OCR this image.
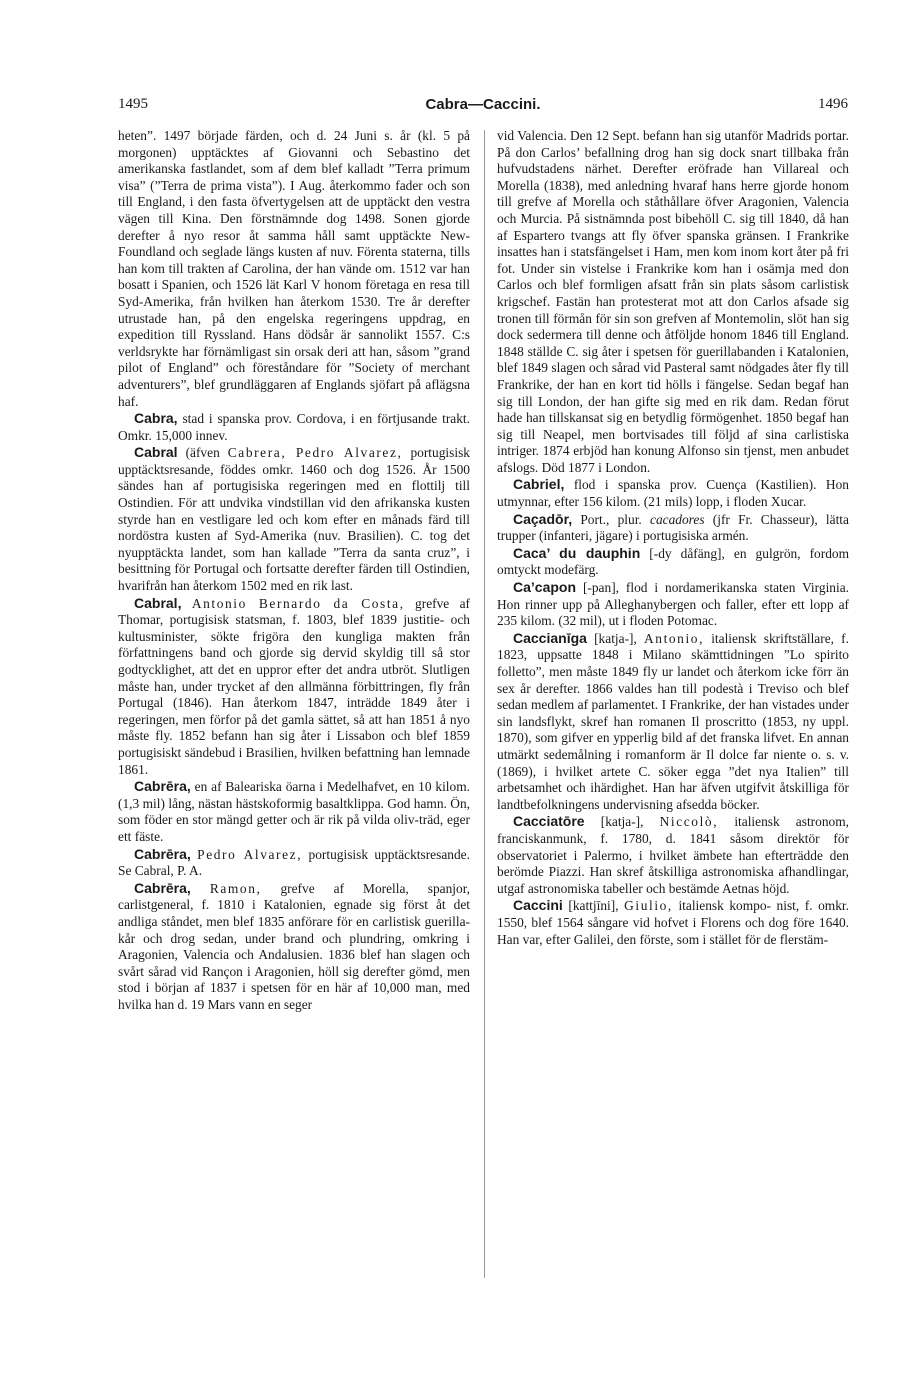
1495	Cabra—Caccini.	1496

heten”. 1497 började färden, och d. 24 Juni s. år (kl. 5 på morgonen) upptäcktes af Giovanni och Sebastino det amerikanska fastlandet, som af dem blef kalladt ”Terra primum visa” (”Terra de prima vista”). I Aug. återkommo fader och son till England, i den fasta öfvertygelsen att de upptäckt den vestra vägen till Kina. Den förstnämnde dog 1498. Sonen gjorde derefter å nyo resor åt samma håll samt upptäckte New-Foundland och seglade längs kusten af nuv. Förenta staterna, tills han kom till trakten af Carolina, der han vände om. 1512 var han bosatt i Spanien, och 1526 lät Karl V honom företaga en resa till Syd-Amerika, från hvilken han återkom 1530. Tre år derefter utrustade han, på den engelska regeringens uppdrag, en expedition till Ryssland. Hans dödsår är sannolikt 1557. C:s verldsrykte har förnämligast sin orsak deri att han, såsom ”grand pilot of England” och föreståndare för ”Society of merchant adventurers”, blef grundläggaren af Englands sjöfart på aflägsna haf.

Cabra, stad i spanska prov. Cordova, i en förtjusande trakt. Omkr. 15,000 innev.

Cabral (äfven Cabrera, Pedro Alvarez, portugisisk upptäcktsresande, föddes omkr. 1460 och dog 1526. År 1500 sändes han af portugisiska regeringen med en flottilj till Ostindien. För att undvika vindstillan vid den afrikanska kusten styrde han en vestligare led och kom efter en månads färd till nordöstra kusten af Syd-Amerika (nuv. Brasilien). C. tog det nyupptäckta landet, som han kallade ”Terra da santa cruz”, i besittning för Portugal och fortsatte derefter färden till Ostindien, hvarifrån han återkom 1502 med en rik last.

Cabral, Antonio Bernardo da Costa, grefve af Thomar, portugisisk statsman, f. 1803, blef 1839 justitie- och kultusminister, sökte frigöra den kungliga makten från författningens band och gjorde sig dervid skyldig till så stor godtycklighet, att det en uppror efter det andra utbröt. Slutligen måste han, under trycket af den allmänna förbittringen, fly från Portugal (1846). Han återkom 1847, inträdde 1849 åter i regeringen, men förfor på det gamla sättet, så att han 1851 å nyo måste fly. 1852 befann han sig åter i Lissabon och blef 1859 portugisiskt sändebud i Brasilien, hvilken befattning han lemnade 1861.

Cabrēra, en af Baleariska öarna i Medelhafvet, en 10 kilom. (1,3 mil) lång, nästan hästskoformig basaltklippa. God hamn. Ön, som föder en stor mängd getter och är rik på vilda oliv-träd, eger ett fäste.

Cabrēra, Pedro Alvarez, portugisisk upptäcktsresande. Se Cabral, P. A.

Cabrēra, Ramon, grefve af Morella, spanjor, carlistgeneral, f. 1810 i Katalonien, egnade sig först åt det andliga ståndet, men blef 1835 anförare för en carlistisk guerilla-kår och drog sedan, under brand och plundring, omkring i Aragonien, Valencia och Andalusien. 1836 blef han slagen och svårt sårad vid Rançon i Aragonien, höll sig derefter gömd, men stod i början af 1837 i spetsen för en här af 10,000 man, med hvilka han d. 19 Mars vann en seger

vid Valencia. Den 12 Sept. befann han sig utanför Madrids portar. På don Carlos’ befallning drog han sig dock snart tillbaka från hufvudstadens närhet. Derefter eröfrade han Villareal och Morella (1838), med anledning hvaraf hans herre gjorde honom till grefve af Morella och ståthållare öfver Aragonien, Valencia och Murcia. På sistnämnda post bibehöll C. sig till 1840, då han af Espartero tvangs att fly öfver spanska gränsen. I Frankrike insattes han i statsfängelset i Ham, men kom inom kort åter på fri fot. Under sin vistelse i Frankrike kom han i osämja med don Carlos och blef formligen afsatt från sin plats såsom carlistisk krigschef. Fastän han protesterat mot att don Carlos afsade sig tronen till förmån för sin son grefven af Montemolin, slöt han sig dock sedermera till denne och åtföljde honom 1846 till England. 1848 ställde C. sig åter i spetsen för guerillabanden i Katalonien, blef 1849 slagen och sårad vid Pasteral samt nödgades åter fly till Frankrike, der han en kort tid hölls i fängelse. Sedan begaf han sig till London, der han gifte sig med en rik dam. Redan förut hade han tillskansat sig en betydlig förmögenhet. 1850 begaf han sig till Neapel, men bortvisades till följd af sina carlistiska intriger. 1874 erbjöd han konung Alfonso sin tjenst, men anbudet afslogs. Död 1877 i London.

Cabriel, flod i spanska prov. Cuença (Kastilien). Hon utmynnar, efter 156 kilom. (21 mils) lopp, i floden Xucar.

Caçadōr, Port., plur. cacadores (jfr Fr. Chasseur), lätta trupper (infanteri, jägare) i portugisiska armén.

Caca’ du dauphin [-dy dåfäng], en gulgrön, fordom omtyckt modefärg.

Ca’capon [-pan], flod i nordamerikanska staten Virginia. Hon rinner upp på Alleghanybergen och faller, efter ett lopp af 235 kilom. (32 mil), ut i floden Potomac.

Caccianīga [katja-], Antonio, italiensk skriftställare, f. 1823, uppsatte 1848 i Milano skämttidningen ”Lo spirito folletto”, men måste 1849 fly ur landet och återkom icke förr än sex år derefter. 1866 valdes han till podestà i Treviso och blef sedan medlem af parlamentet. I Frankrike, der han vistades under sin landsflykt, skref han romanen Il proscritto (1853, ny uppl. 1870), som gifver en ypperlig bild af det franska lifvet. En annan utmärkt sedemålning i romanform är Il dolce far niente o. s. v. (1869), i hvilket artete C. söker egga ”det nya Italien” till arbetsamhet och ihärdighet. Han har äfven utgifvit åtskilliga för landtbefolkningens undervisning afsedda böcker.

Cacciatōre [katja-], Niccolò, italiensk astronom, franciskanmunk, f. 1780, d. 1841 såsom direktör för observatoriet i Palermo, i hvilket ämbete han efterträdde den berömde Piazzi. Han skref åtskilliga astronomiska afhandlingar, utgaf astronomiska tabeller och bestämde Aetnas höjd.

Caccini [kattjīni], Giulio, italiensk kompo- nist, f. omkr. 1550, blef 1564 sångare vid hofvet i Florens och dog före 1640. Han var, efter Galilei, den förste, som i stället för de flerstäm-
